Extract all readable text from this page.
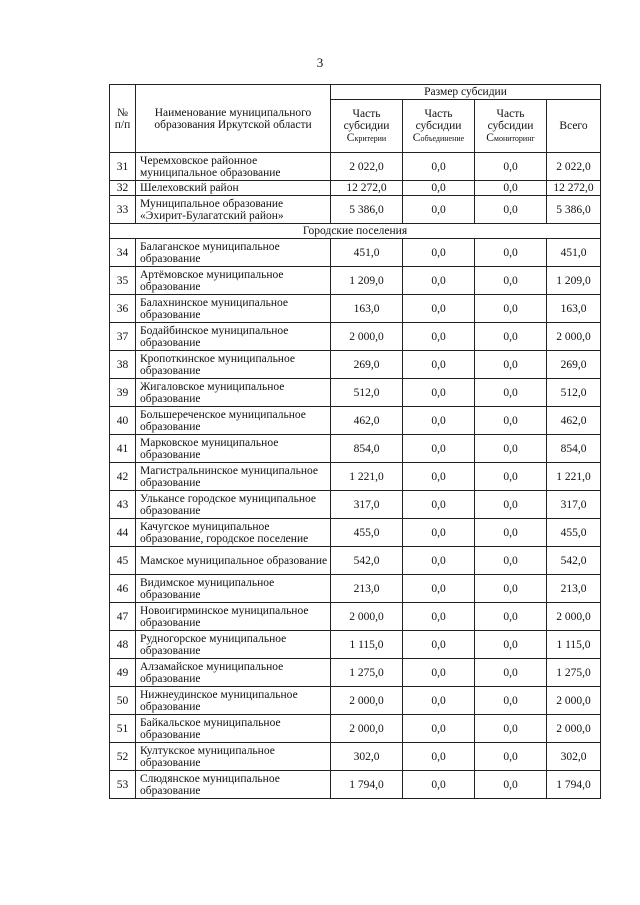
3
№ п/п	Наименование муниципального образования Иркутской области	Размер субсидии			
		Часть субсидии Скритерии	Часть субсидии Собъединение	Часть субсидии Смониторинг	Всего
31	Черемховское районное муниципальное образование	2 022,0	0,0	0,0	2 022,0
32	Шелеховский район	12 272,0	0,0	0,0	12 272,0
33	Муниципальное образование «Эхирит-Булагатский район»	5 386,0	0,0	0,0	5 386,0
Городские поселения					
34	Балаганское муниципальное образование	451,0	0,0	0,0	451,0
35	Артёмовское муниципальное образование	1 209,0	0,0	0,0	1 209,0
36	Балахнинское муниципальное образование	163,0	0,0	0,0	163,0
37	Бодайбинское муниципальное образование	2 000,0	0,0	0,0	2 000,0
38	Кропоткинское муниципальное образование	269,0	0,0	0,0	269,0
39	Жигаловское муниципальное образование	512,0	0,0	0,0	512,0
40	Большереченское муниципальное образование	462,0	0,0	0,0	462,0
41	Марковское муниципальное образование	854,0	0,0	0,0	854,0
42	Магистральнинское муниципальное образование	1 221,0	0,0	0,0	1 221,0
43	Улькансе городское муниципальное образование	317,0	0,0	0,0	317,0
44	Качугское муниципальное образование, городское поселение	455,0	0,0	0,0	455,0
45	Мамское муниципальное образование	542,0	0,0	0,0	542,0
46	Видимское муниципальное образование	213,0	0,0	0,0	213,0
47	Новоигирминское муниципальное образование	2 000,0	0,0	0,0	2 000,0
48	Рудногорское муниципальное образование	1 115,0	0,0	0,0	1 115,0
49	Алзамайское муниципальное образование	1 275,0	0,0	0,0	1 275,0
50	Нижнеудинское муниципальное образование	2 000,0	0,0	0,0	2 000,0
51	Байкальское муниципальное образование	2 000,0	0,0	0,0	2 000,0
52	Култукское муниципальное образование	302,0	0,0	0,0	302,0
53	Слюдянское муниципальное образование	1 794,0	0,0	0,0	1 794,0
